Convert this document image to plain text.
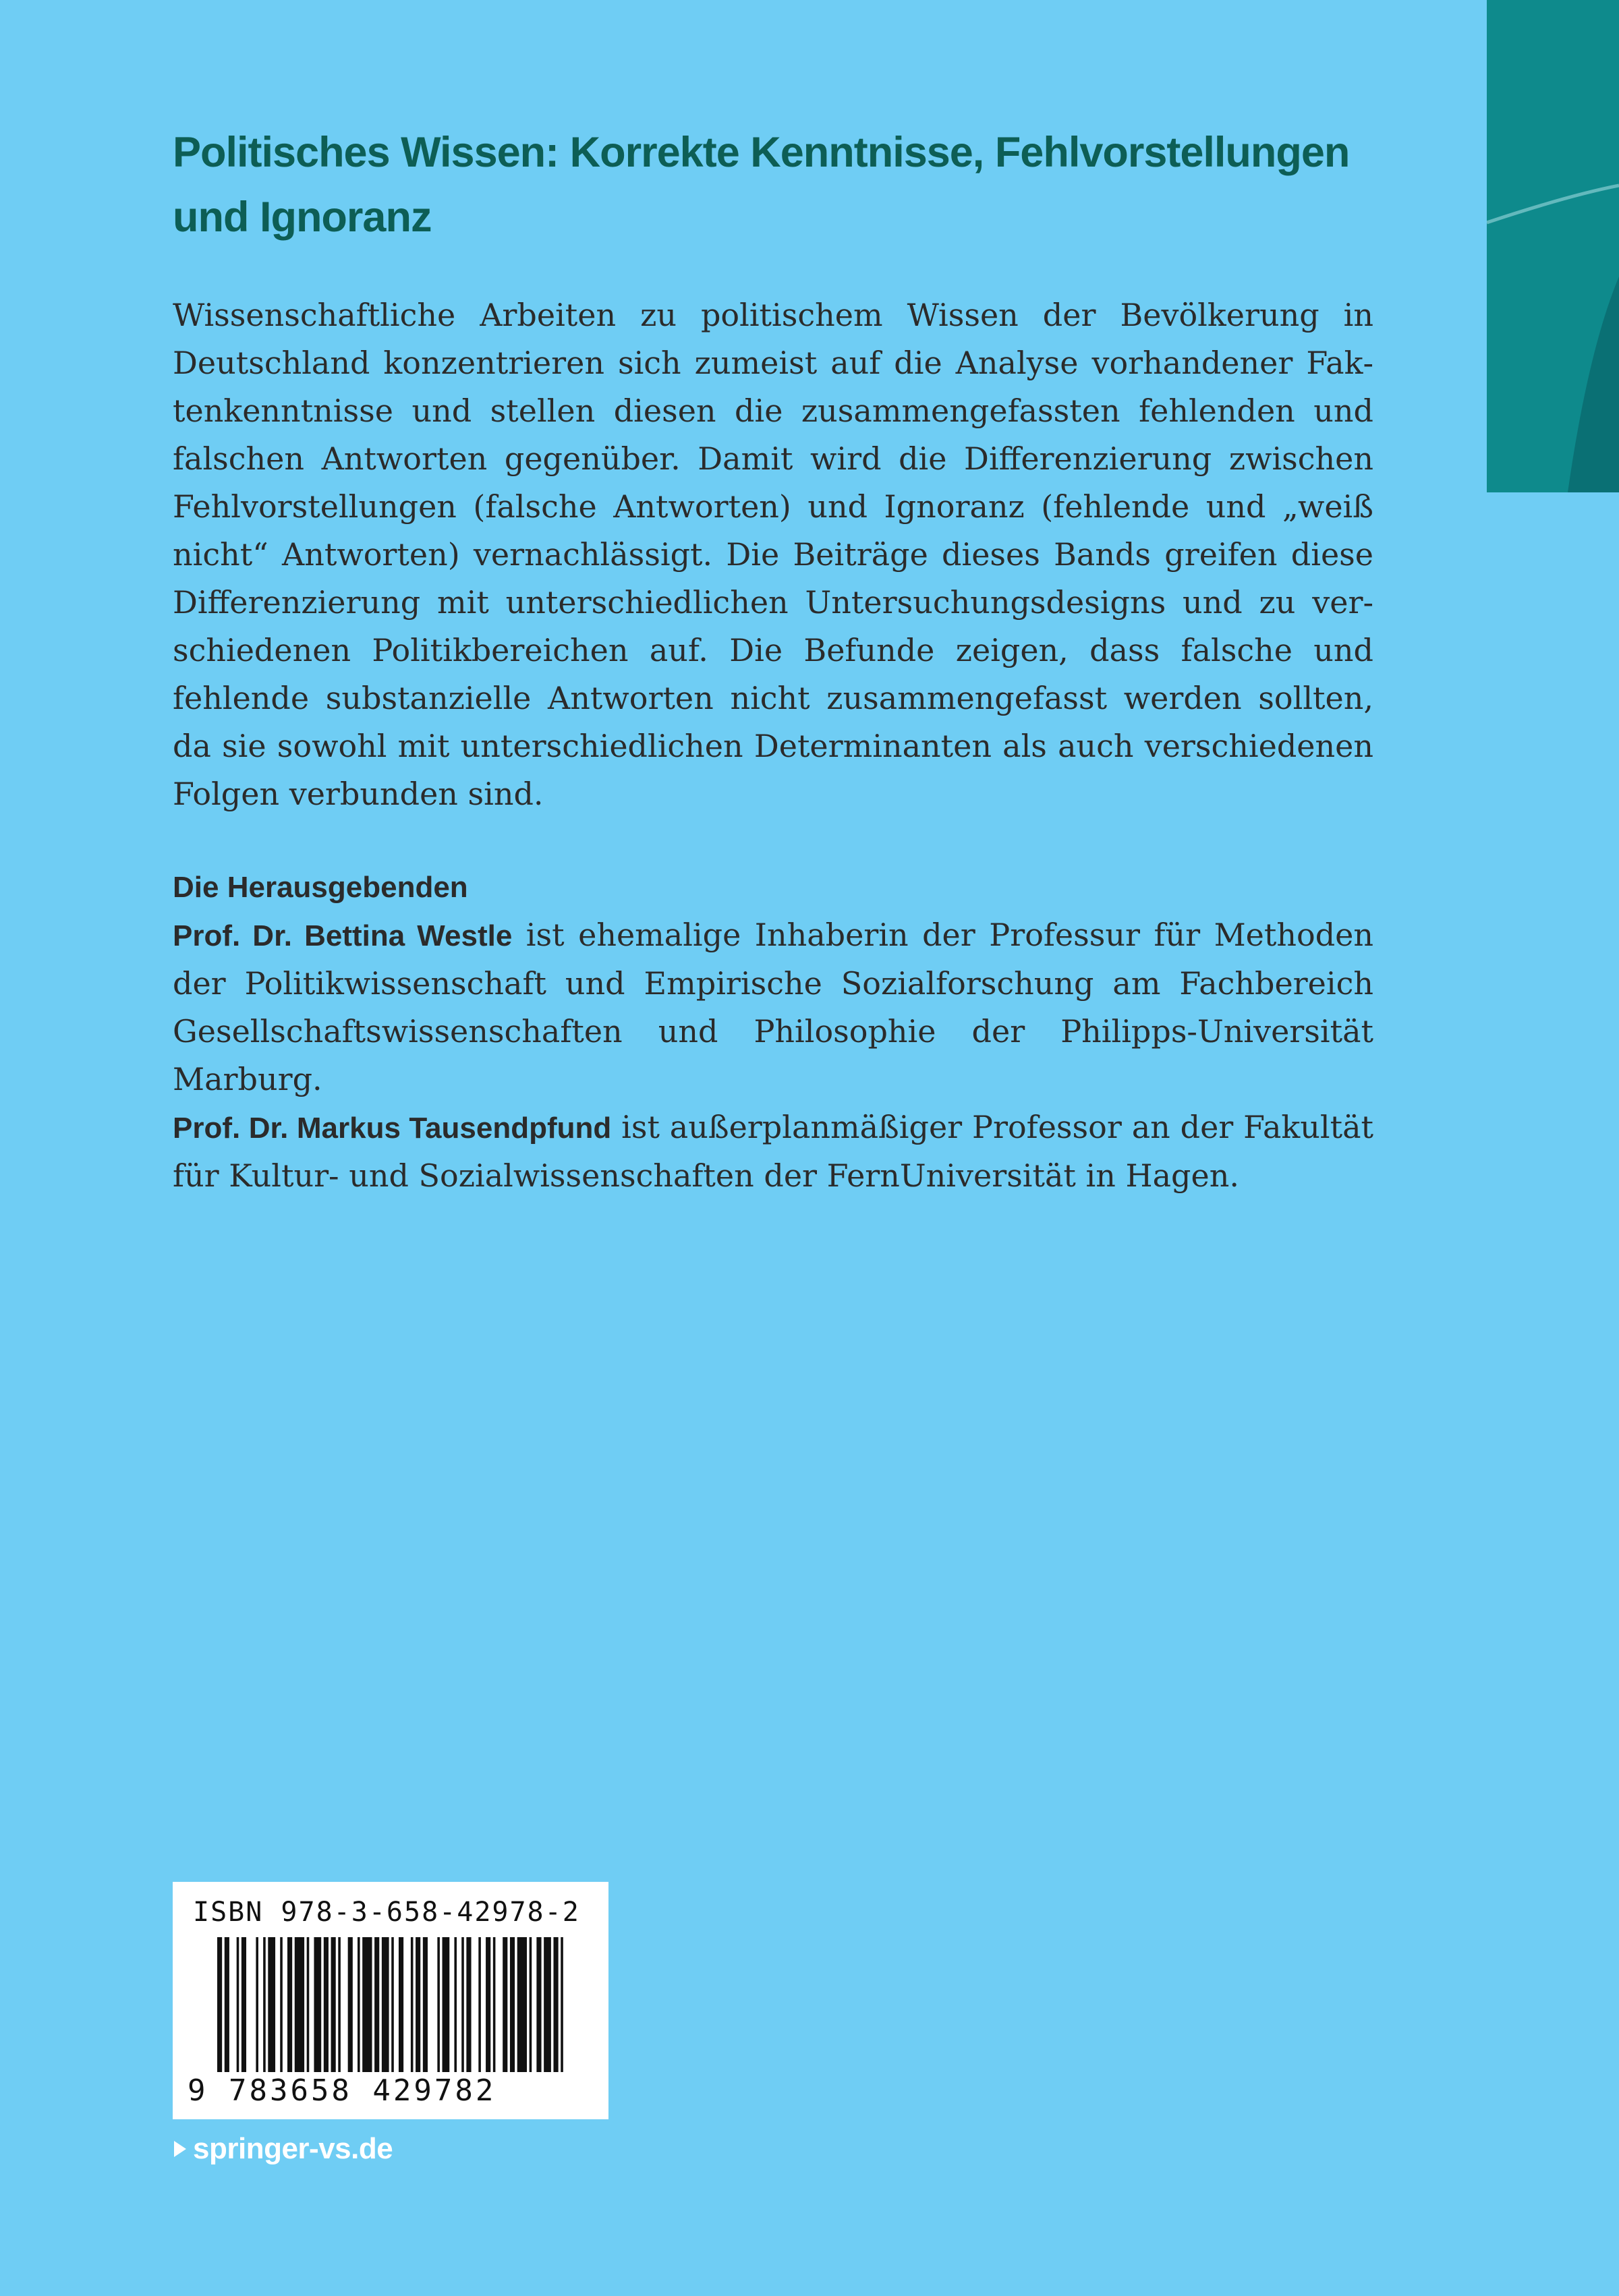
Politisches Wissen: Korrekte Kenntnisse, Fehlvorstellungen und Ignoranz

Wissenschaftliche Arbeiten zu politischem Wissen der Bevölkerung in Deutschland konzentrieren sich zumeist auf die Analyse vorhandener Faktenkenntnisse und stellen diesen die zusammengefassten fehlenden und falschen Antworten gegenüber. Damit wird die Differenzierung zwischen Fehlvorstellungen (falsche Antworten) und Ignoranz (fehlende und „weiß nicht“ Antworten) vernachlässigt. Die Beiträge dieses Bands greifen diese Differenzierung mit unterschiedlichen Untersuchungsdesigns und zu verschiedenen Politikbereichen auf. Die Befunde zeigen, dass falsche und fehlende substanzielle Antworten nicht zusammengefasst werden sollten, da sie sowohl mit unterschiedlichen Determinanten als auch verschiedenen Folgen verbunden sind.

Die Herausgebenden

Prof. Dr. Bettina Westle ist ehemalige Inhaberin der Professur für Methoden der Politikwissenschaft und Empirische Sozialforschung am Fachbereich Gesellschaftswissenschaften und Philosophie der Philipps-Universität Marburg.

Prof. Dr. Markus Tausendpfund ist außerplanmäßiger Professor an der Fakultät für Kultur- und Sozialwissenschaften der FernUniversität in Hagen.

ISBN 978-3-658-42978-2
9 783658 429782
springer-vs.de
